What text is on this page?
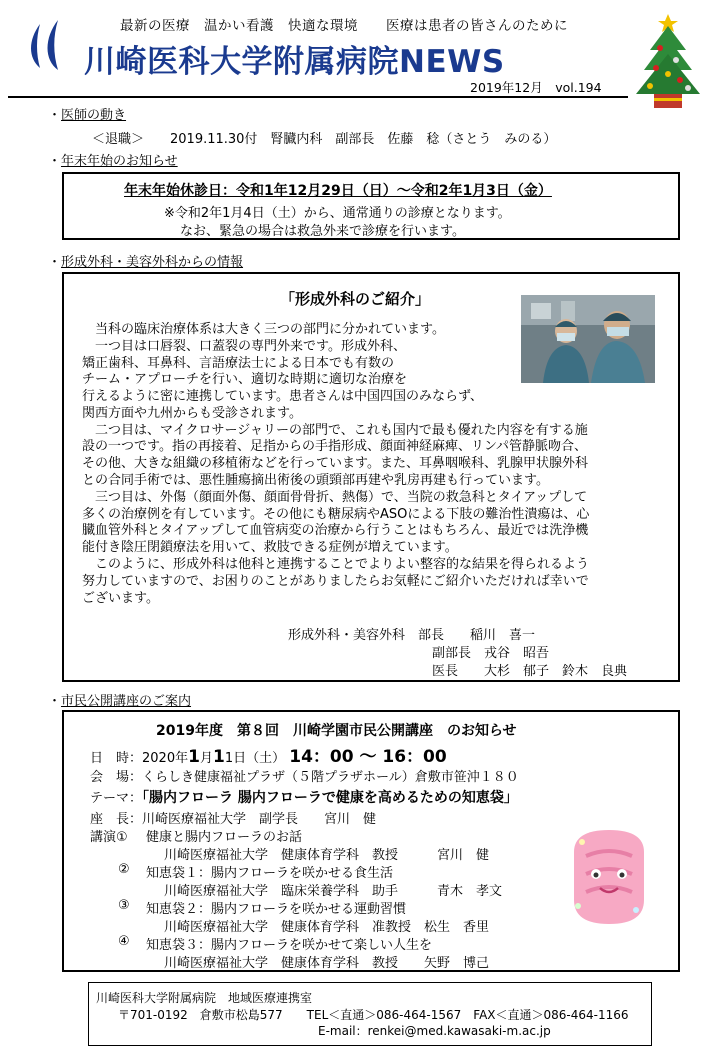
最新の医療　温かい看護　快適な環境　　医療は患者の皆さんのために
川崎医科大学附属病院NEWS
2019年12月　vol.194
・医師の動き
＜退職＞　　2019.11.30付　腎臓内科　副部長　佐藤　稔（さとう　みのる）
・年末年始のお知らせ
年末年始休診日：令和1年12月29日（日）～令和2年1月3日（金）
※令和2年1月4日（土）から、通常通りの診療となります。
なお、緊急の場合は救急外来で診療を行います。
・形成外科・美容外科からの情報
「形成外科のご紹介」

　当科の臨床治療体系は大きく三つの部門に分かれています。

　一つ目は口唇裂、口蓋裂の専門外来です。形成外科、

矯正歯科、耳鼻科、言語療法士による日本でも有数の

チーム・アプローチを行い、適切な時期に適切な治療を

行えるように密に連携しています。患者さんは中国四国のみならず、

関西方面や九州からも受診されます。

　二つ目は、マイクロサージャリーの部門で、これも国内で最も優れた内容を有する施

設の一つです。指の再接着、足指からの手指形成、顔面神経麻痺、リンパ管静脈吻合、

その他、大きな組織の移植術などを行っています。また、耳鼻咽喉科、乳腺甲状腺外科

との合同手術では、悪性腫瘍摘出術後の頭頸部再建や乳房再建も行っています。

　三つ目は、外傷（顔面外傷、顔面骨骨折、熱傷）で、当院の救急科とタイアップして

多くの治療例を有しています。その他にも糖尿病やASOによる下肢の難治性潰瘍は、心

臓血管外科とタイアップして血管病変の治療から行うことはもちろん、最近では洗浄機

能付き陰圧閉鎖療法を用いて、救肢できる症例が増えています。

　このように、形成外科は他科と連携することでよりよい整容的な結果を得られるよう

努力していますので、お困りのことがありましたらお気軽にご紹介いただければ幸いで

ございます。

形成外科・美容外科　部長　　稲川　喜一
副部長　戎谷　昭吾
医長　　大杉　郁子　鈴木　良典
・市民公開講座のご案内
2019年度　第８回　川崎学園市民公開講座　のお知らせ
日　時：2020年1月11日（土） 14：00 ～ 16：00
会　場：くらしき健康福祉プラザ（５階プラザホール）倉敷市笹沖１８０
テーマ：「腸内フローラ 腸内フローラで健康を高めるための知恵袋」
座　長：川崎医療福祉大学　副学長　　宮川　健
講演① 健康と腸内フローラのお話
川崎医療福祉大学　健康体育学科　教授　　　宮川　健
② 知恵袋１：腸内フローラを咲かせる食生活
川崎医療福祉大学　臨床栄養学科　助手　　　青木　孝文
③ 知恵袋２：腸内フローラを咲かせる運動習慣
川崎医療福祉大学　健康体育学科　准教授　松生　香里
④ 知恵袋３：腸内フローラを咲かせて楽しい人生を
川崎医療福祉大学　健康体育学科　教授　　矢野　博己
川崎医科大学附属病院　地域医療連携室
〒701-0192　倉敷市松島577　　TEL＜直通＞086-464-1567　FAX＜直通＞086-464-1166
E-mail：renkei@med.kawasaki-m.ac.jp
